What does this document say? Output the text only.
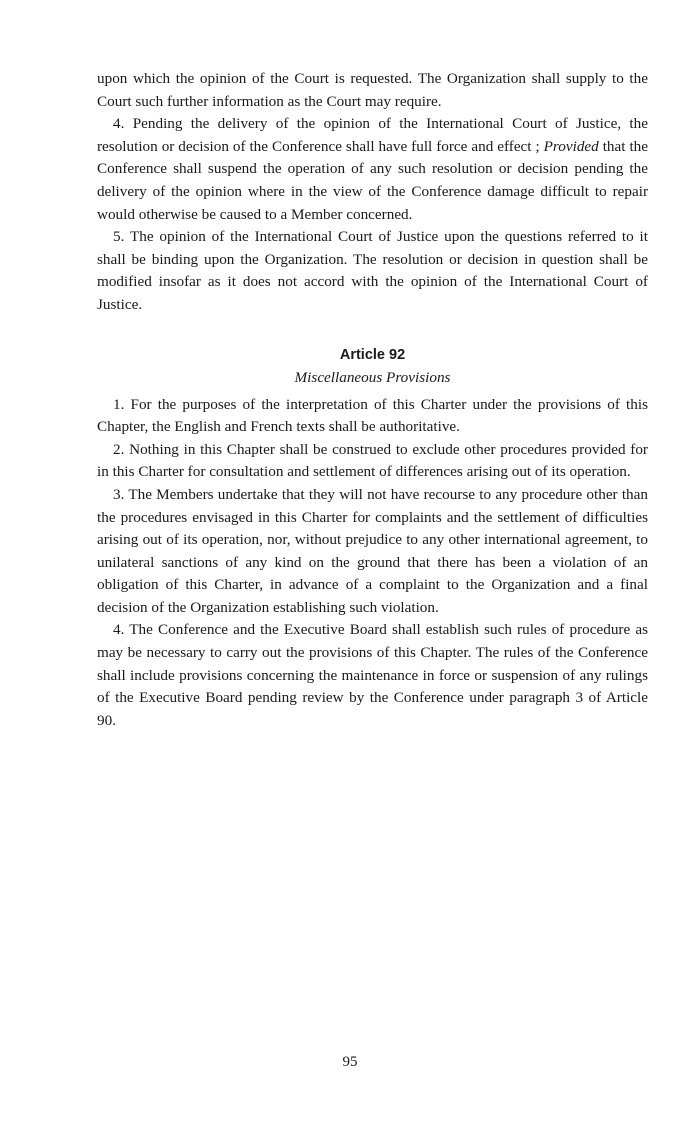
upon which the opinion of the Court is requested. The Organization shall supply to the Court such further information as the Court may require.

4. Pending the delivery of the opinion of the International Court of Justice, the resolution or decision of the Conference shall have full force and effect ; Provided that the Conference shall suspend the operation of any such resolution or decision pending the delivery of the opinion where in the view of the Conference damage difficult to repair would otherwise be caused to a Member concerned.

5. The opinion of the International Court of Justice upon the questions referred to it shall be binding upon the Organization. The resolution or decision in question shall be modified insofar as it does not accord with the opinion of the International Court of Justice.

Article 92

Miscellaneous Provisions

1. For the purposes of the interpretation of this Charter under the provisions of this Chapter, the English and French texts shall be authoritative.

2. Nothing in this Chapter shall be construed to exclude other procedures provided for in this Charter for consultation and settlement of differences arising out of its operation.

3. The Members undertake that they will not have recourse to any procedure other than the procedures envisaged in this Charter for complaints and the settlement of difficulties arising out of its operation, nor, without prejudice to any other international agreement, to unilateral sanctions of any kind on the ground that there has been a violation of an obligation of this Charter, in advance of a complaint to the Organization and a final decision of the Organization establishing such violation.

4. The Conference and the Executive Board shall establish such rules of procedure as may be necessary to carry out the provisions of this Chapter. The rules of the Conference shall include provisions concerning the maintenance in force or suspension of any rulings of the Executive Board pending review by the Conference under paragraph 3 of Article 90.

95
